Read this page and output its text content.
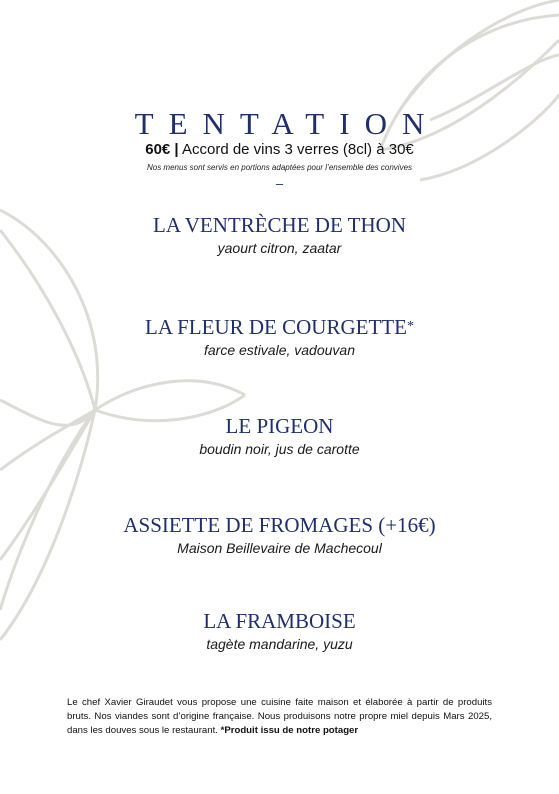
TENTATION
60€ | Accord de vins 3 verres (8cl) à 30€
Nos menus sont servis en portions adaptées pour l’ensemble des convives
–
LA VENTRÈCHE DE THON
yaourt citron, zaatar
LA FLEUR DE COURGETTE*
farce estivale, vadouvan
LE PIGEON
boudin noir, jus de carotte
ASSIETTE DE FROMAGES (+16€)
Maison Beillevaire de Machecoul
LA FRAMBOISE
tagète mandarine, yuzu
Le chef Xavier Giraudet vous propose une cuisine faite maison et élaborée à partir de produits bruts. Nos viandes sont d’origine française. Nous produisons notre propre miel depuis Mars 2025, dans les douves sous le restaurant. *Produit issu de notre potager
